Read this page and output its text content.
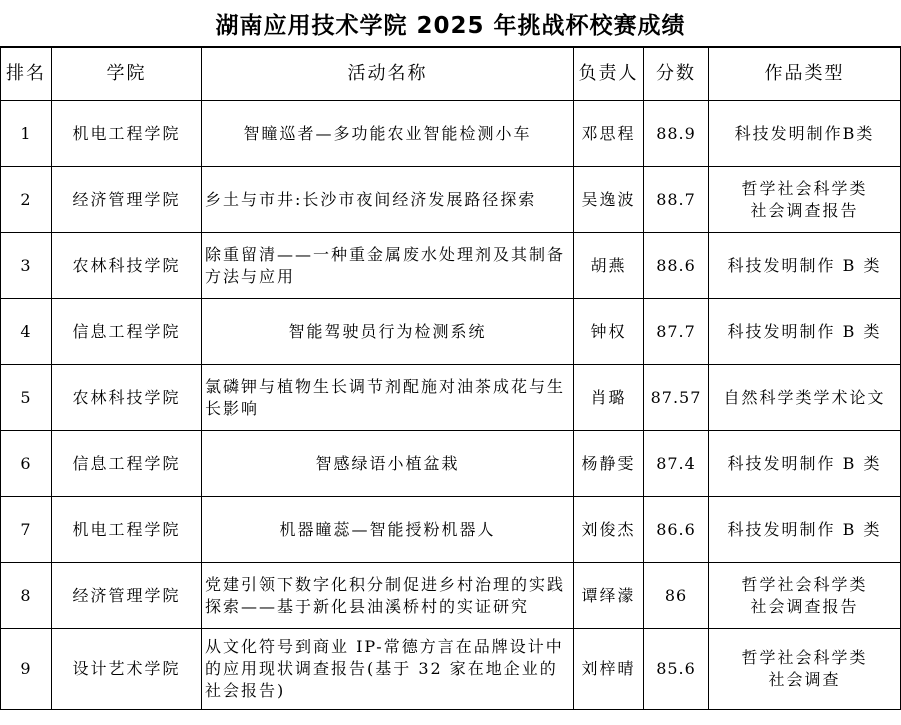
湖南应用技术学院 2025 年挑战杯校赛成绩
排名	学院	活动名称	负责人	分数	作品类型
1	机电工程学院	智瞳巡者—多功能农业智能检测小车	邓思程	88.9	科技发明制作B类
2	经济管理学院	乡土与市井:长沙市夜间经济发展路径探索	吴逸波	88.7	哲学社会科学类
社会调查报告
3	农林科技学院	除重留清——一种重金属废水处理剂及其制备方法与应用	胡燕	88.6	科技发明制作 B 类
4	信息工程学院	智能驾驶员行为检测系统	钟权	87.7	科技发明制作 B 类
5	农林科技学院	氯磷钾与植物生长调节剂配施对油茶成花与生长影响	肖璐	87.57	自然科学类学术论文
6	信息工程学院	智感绿语小植盆栽	杨静雯	87.4	科技发明制作 B 类
7	机电工程学院	机器瞳蕊—智能授粉机器人	刘俊杰	86.6	科技发明制作 B 类
8	经济管理学院	党建引领下数字化积分制促进乡村治理的实践探索——基于新化县油溪桥村的实证研究	谭绎濛	86	哲学社会科学类
社会调查报告
9	设计艺术学院	从文化符号到商业 IP-常德方言在品牌设计中的应用现状调查报告(基于 32 家在地企业的社会报告)	刘梓晴	85.6	哲学社会科学类
社会调查
